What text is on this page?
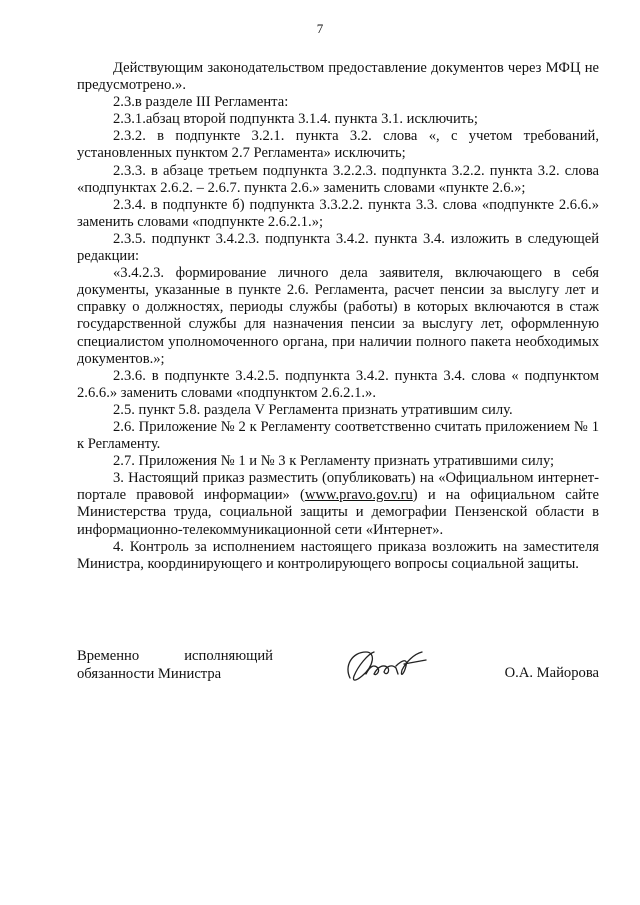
7

Действующим законодательством предоставление документов через МФЦ не предусмотрено.».

2.3.в разделе III Регламента:

2.3.1.абзац второй подпункта 3.1.4. пункта 3.1. исключить;

2.3.2. в подпункте 3.2.1. пункта 3.2. слова «, с учетом требований, установленных пунктом 2.7 Регламента» исключить;

2.3.3. в абзаце третьем подпункта 3.2.2.3. подпункта 3.2.2. пункта 3.2. слова «подпунктах 2.6.2. – 2.6.7. пункта 2.6.» заменить словами «пункте 2.6.»;

2.3.4. в подпункте б) подпункта 3.3.2.2. пункта 3.3. слова «подпункте 2.6.6.» заменить словами «подпункте 2.6.2.1.»;

2.3.5. подпункт 3.4.2.3. подпункта 3.4.2. пункта 3.4. изложить в следующей редакции:

«3.4.2.3. формирование личного дела заявителя, включающего в себя документы, указанные в пункте 2.6. Регламента, расчет пенсии за выслугу лет и справку о должностях, периоды службы (работы) в которых включаются в стаж государственной службы для назначения пенсии за выслугу лет, оформленную специалистом уполномоченного органа, при наличии полного пакета необходимых документов.»;

2.3.6. в подпункте 3.4.2.5. подпункта 3.4.2. пункта 3.4. слова « подпунктом 2.6.6.» заменить словами «подпунктом 2.6.2.1.».

2.5. пункт 5.8. раздела V Регламента признать утратившим силу.

2.6. Приложение № 2 к Регламенту соответственно считать приложением № 1 к Регламенту.

2.7. Приложения № 1 и № 3 к Регламенту признать утратившими силу;

3. Настоящий приказ разместить (опубликовать) на «Официальном интернет-портале правовой информации» (www.pravo.gov.ru) и на официальном сайте Министерства труда, социальной защиты и демографии Пензенской области в информационно-телекоммуникационной сети «Интернет».

4. Контроль за исполнением настоящего приказа возложить на заместителя Министра, координирующего и контролирующего вопросы социальной защиты.

Временно	исполняющий
обязанности Министра	О.А. Майорова
